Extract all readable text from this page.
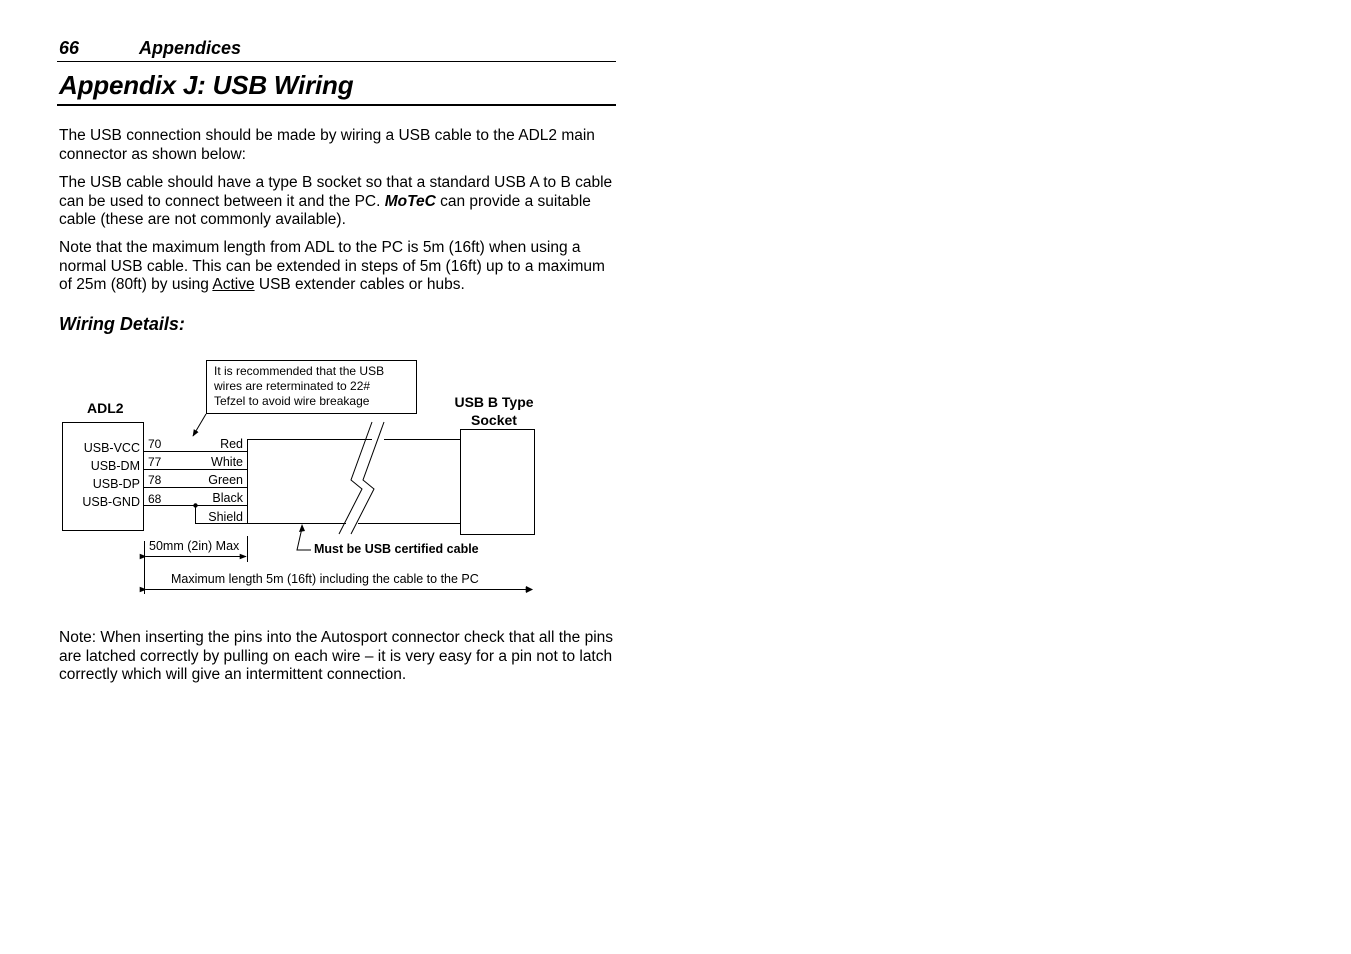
66	Appendices
Appendix J: USB Wiring

The USB connection should be made by wiring a USB cable to the ADL2 main connector as shown below:

The USB cable should have a type B socket so that a standard USB A to B cable can be used to connect between it and the PC. MoTeC can provide a suitable cable (these are not commonly available).

Note that the maximum length from ADL to the PC is 5m (16ft) when using a normal USB cable. This can be extended in steps of 5m (16ft) up to a maximum of 25m (80ft) by using Active USB extender cables or hubs.

Wiring Details:
It is recommended that the USB
wires are reterminated to 22#
Tefzel to avoid wire breakage
ADL2
USB-VCC
USB-DM
USB-DP
USB-GND
70
77
78
68
Red
White
Green
Black
Shield
USB B Type
Socket
Must be USB certified cable
50mm (2in) Max
Maximum length 5m (16ft) including the cable to the PC

Note: When inserting the pins into the Autosport connector check that all the pins are latched correctly by pulling on each wire – it is very easy for a pin not to latch correctly which will give an intermittent connection.
